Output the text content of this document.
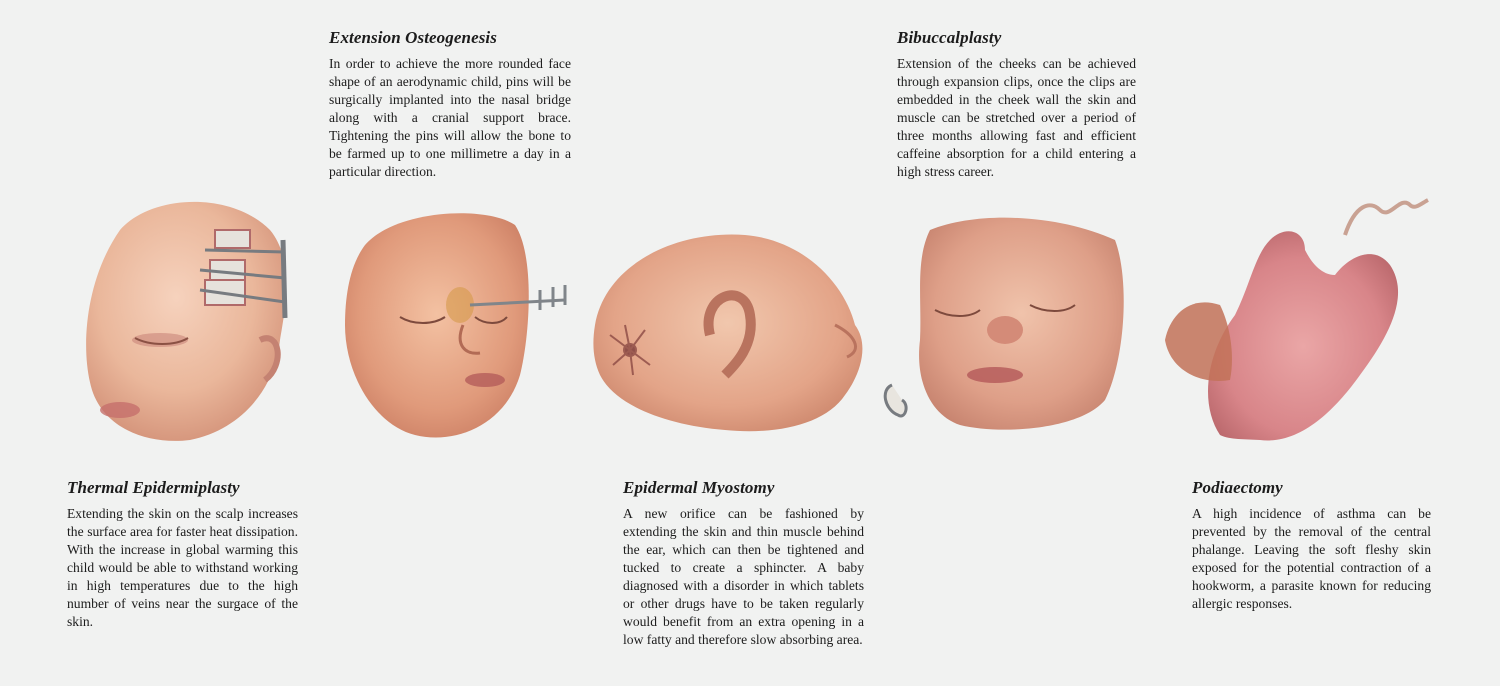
Extension Osteogenesis

In order to achieve the more rounded face shape of an aerodynamic child, pins will be surgically implanted into the nasal bridge along with a cranial support brace. Tightening the pins will allow the bone to be farmed up to one millimetre a day in a particular direction.

Bibuccalplasty

Extension of the cheeks can be achieved through expansion clips, once the clips are embedded in the cheek wall the skin and muscle can be stretched over a period of three months allowing fast and efficient caffeine absorption for a child entering a high stress career.

Thermal Epidermiplasty

Extending the skin on the scalp increases the surface area for faster heat dissipation. With the increase in global warming this child would be able to withstand working in high temperatures due to the high number of veins near the surgace of the skin.

Epidermal Myostomy

A new orifice can be fashioned by extending the skin and thin muscle behind the ear, which can then be tightened and tucked to create a sphincter. A baby diagnosed with a disorder in which tablets or other drugs have to be taken regularly would benefit from an extra opening in a low fatty and therefore slow absorbing area.

Podiaectomy

A high incidence of asthma can be prevented by the removal of the central phalange. Leaving the soft fleshy skin exposed for the potential contraction of a hookworm, a parasite known for reducing allergic responses.
